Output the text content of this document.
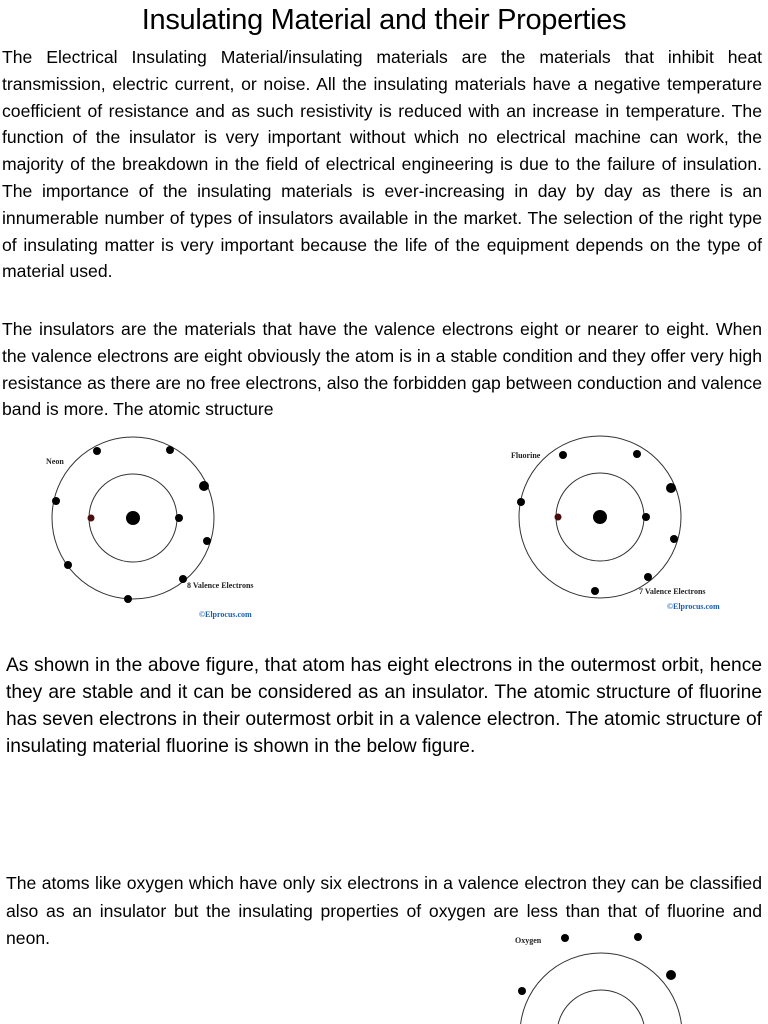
Insulating Material and their Properties

The Electrical Insulating Material/insulating materials are the materials that inhibit heat transmission, electric current, or noise. All the insulating materials have a negative temperature coefficient of resistance and as such resistivity is reduced with an increase in temperature. The function of the insulator is very important without which no electrical machine can work, the majority of the breakdown in the field of electrical engineering is due to the failure of insulation. The importance of the insulating materials is ever-increasing in day by day as there is an innumerable number of types of insulators available in the market. The selection of the right type of insulating matter is very important because the life of the equipment depends on the type of material used.

The insulators are the materials that have the valence electrons eight or nearer to eight. When the valence electrons are eight obviously the atom is in a stable condition and they offer very high resistance as there are no free electrons, also the forbidden gap between conduction and valence band is more. The atomic structure

Neon
8 Valence Electrons
©Elprocus.com
Fluorine
7 Valence Electrons
©Elprocus.com

As shown in the above figure, that atom has eight electrons in the outermost orbit, hence they are stable and it can be considered as an insulator. The atomic structure of fluorine has seven electrons in their outermost orbit in a valence electron. The atomic structure of insulating material fluorine is shown in the below figure.

The atoms like oxygen which have only six electrons in a valence electron they can be classified also as an insulator but the insulating properties of oxygen are less than that of fluorine and neon.	Oxygen
